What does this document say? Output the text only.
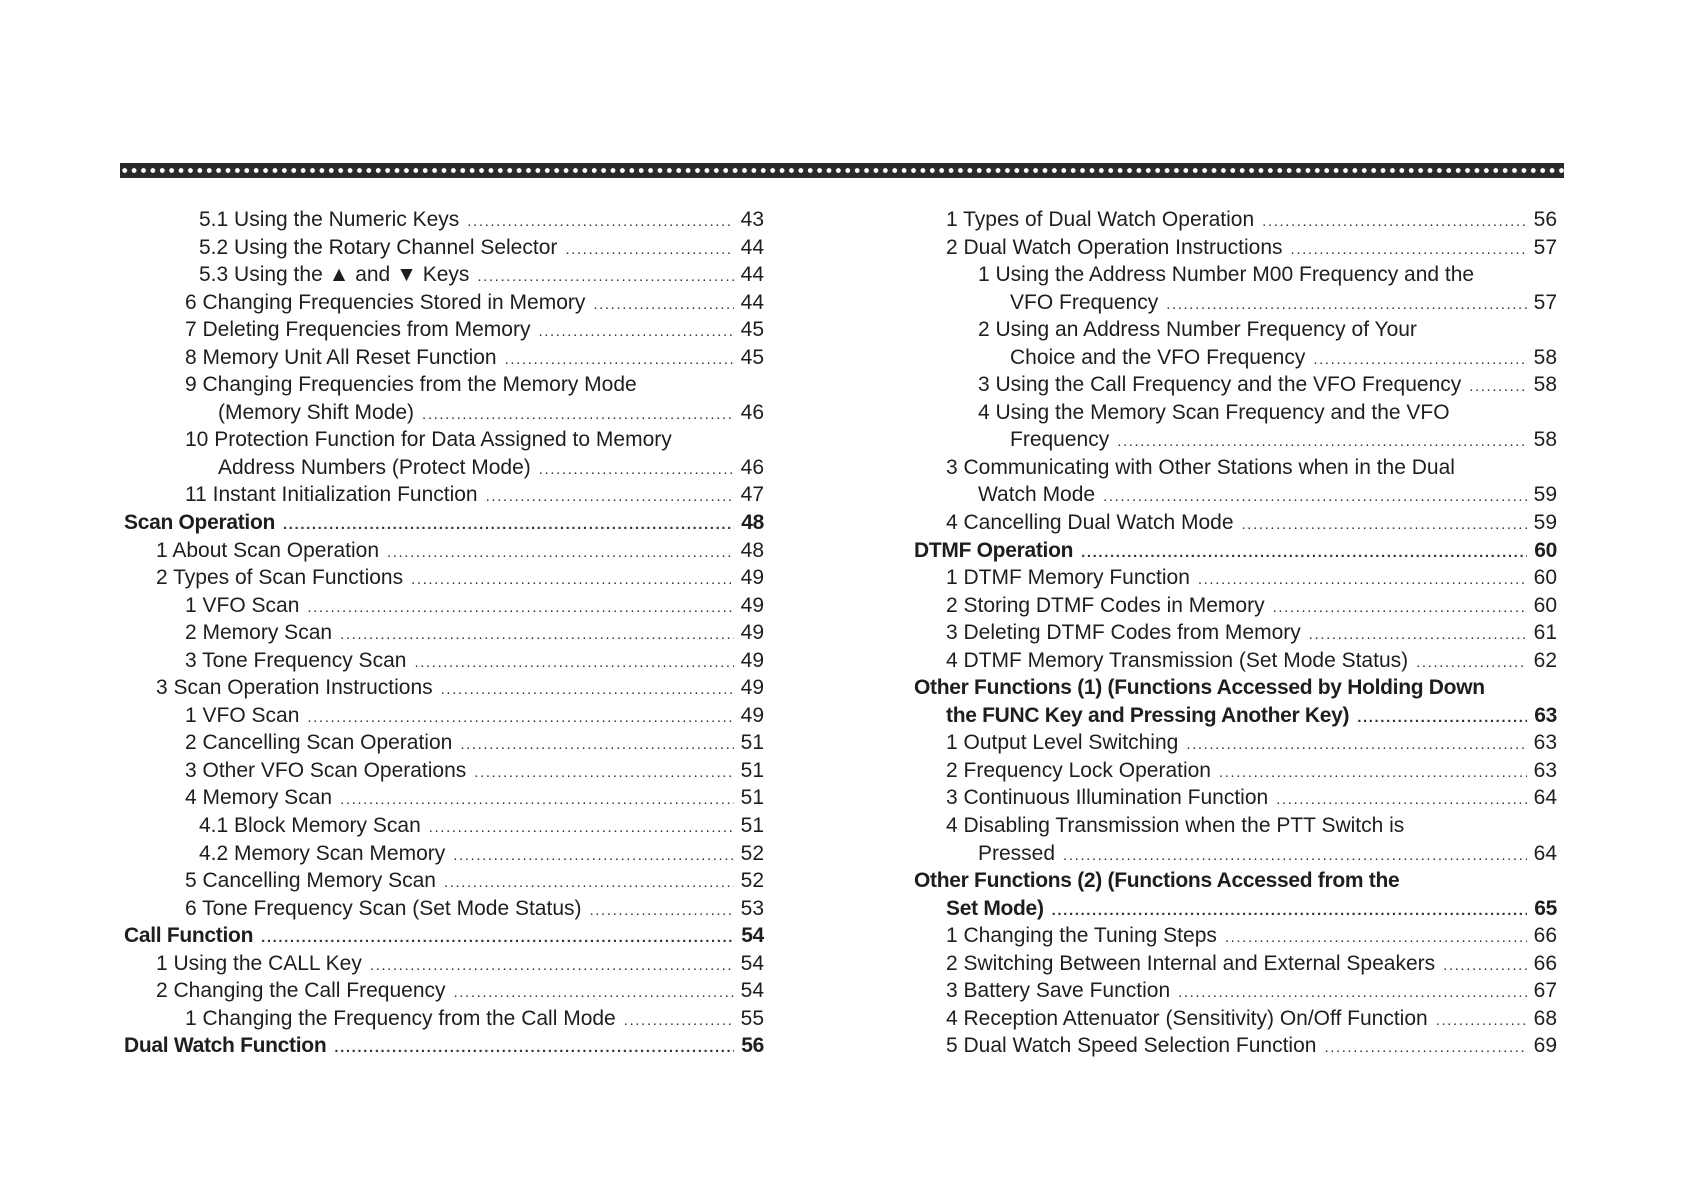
5.1 Using the Numeric Keys .....	43
5.2 Using the Rotary Channel Selector .....	44
5.3 Using the ▲ and ▼ Keys .....	44
6 Changing Frequencies Stored in Memory .....	44
7 Deleting Frequencies from Memory .....	45
8 Memory Unit All Reset Function .....	45
9 Changing Frequencies from the Memory Mode
(Memory Shift Mode) .....	46
10 Protection Function for Data Assigned to Memory
Address Numbers (Protect Mode) .....	46
11 Instant Initialization Function .....	47
Scan Operation .....	48
1 About Scan Operation .....	48
2 Types of Scan Functions .....	49
1 VFO Scan .....	49
2 Memory Scan .....	49
3 Tone Frequency Scan .....	49
3 Scan Operation Instructions .....	49
1 VFO Scan .....	49
2 Cancelling Scan Operation .....	51
3 Other VFO Scan Operations .....	51
4 Memory Scan .....	51
4.1 Block Memory Scan .....	51
4.2 Memory Scan Memory .....	52
5 Cancelling Memory Scan .....	52
6 Tone Frequency Scan (Set Mode Status) .....	53
Call Function .....	54
1 Using the CALL Key .....	54
2 Changing the Call Frequency .....	54
1 Changing the Frequency from the Call Mode .....	55
Dual Watch Function .....	56
1 Types of Dual Watch Operation .....	56
2 Dual Watch Operation Instructions .....	57
1 Using the Address Number M00 Frequency and the
VFO Frequency .....	57
2 Using an Address Number Frequency of Your
Choice and the VFO Frequency .....	58
3 Using the Call Frequency and the VFO Frequency .....	58
4 Using the Memory Scan Frequency and the VFO
Frequency .....	58
3 Communicating with Other Stations when in the Dual
Watch Mode .....	59
4 Cancelling Dual Watch Mode .....	59
DTMF Operation .....	60
1 DTMF Memory Function .....	60
2 Storing DTMF Codes in Memory .....	60
3 Deleting DTMF Codes from Memory .....	61
4 DTMF Memory Transmission (Set Mode Status) .....	62
Other Functions (1) (Functions Accessed by Holding Down
the FUNC Key and Pressing Another Key) .....	63
1 Output Level Switching .....	63
2 Frequency Lock Operation .....	63
3 Continuous Illumination Function .....	64
4 Disabling Transmission when the PTT Switch is
Pressed .....	64
Other Functions (2) (Functions Accessed from the
Set Mode) .....	65
1 Changing the Tuning Steps .....	66
2 Switching Between Internal and External Speakers .....	66
3 Battery Save Function .....	67
4 Reception Attenuator (Sensitivity) On/Off Function .....	68
5 Dual Watch Speed Selection Function .....	69
